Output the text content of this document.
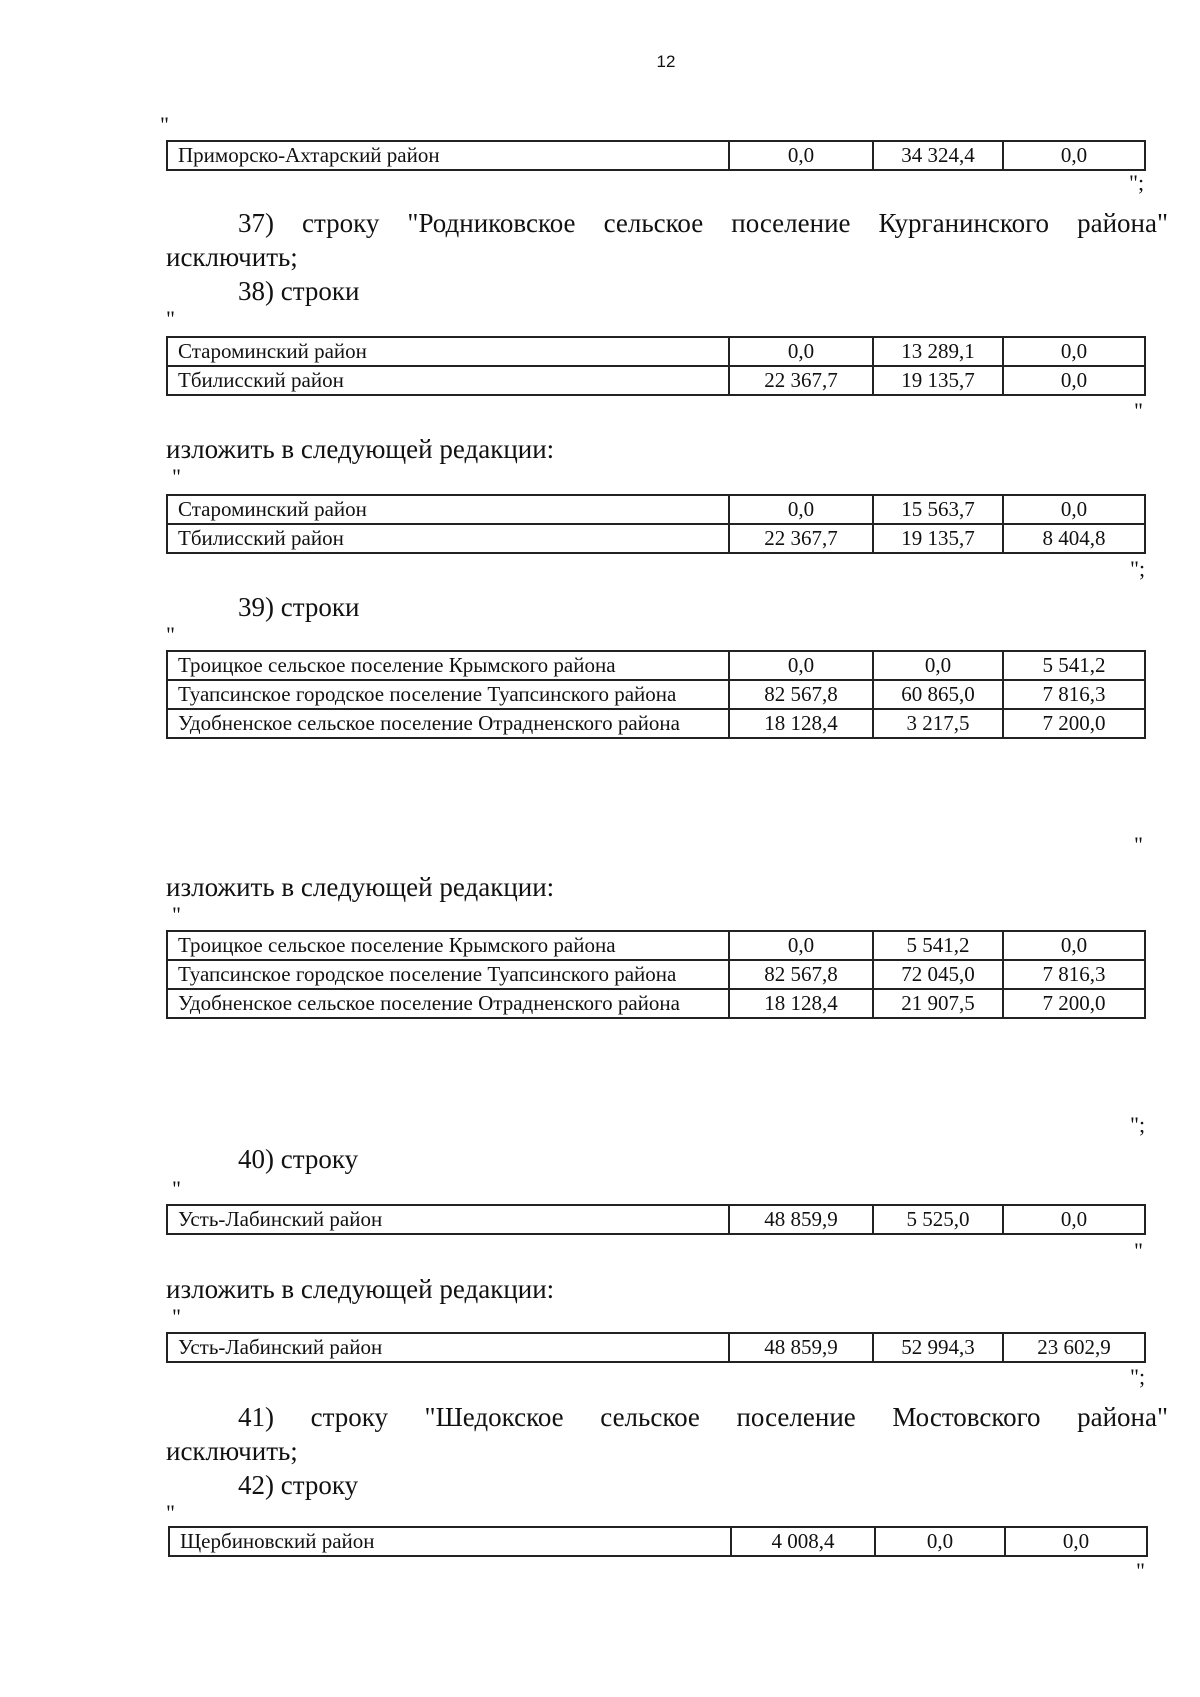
12
"
Приморско-Ахтарский район	0,0	34 324,4	0,0
";
37) строку "Родниковское сельское поселение Курганинского района"
исключить;
38) строки
"
Староминский район	0,0	13 289,1	0,0
Тбилисский район	22 367,7	19 135,7	0,0
"
изложить в следующей редакции:
"
Староминский район	0,0	15 563,7	0,0
Тбилисский район	22 367,7	19 135,7	8 404,8
";
39) строки
"
Троицкое сельское поселение Крымского района	0,0	0,0	5 541,2
Туапсинское городское поселение Туапсинского района	82 567,8	60 865,0	7 816,3
Удобненское сельское поселение Отрадненского района	18 128,4	3 217,5	7 200,0
"
изложить в следующей редакции:
"
Троицкое сельское поселение Крымского района	0,0	5 541,2	0,0
Туапсинское городское поселение Туапсинского района	82 567,8	72 045,0	7 816,3
Удобненское сельское поселение Отрадненского района	18 128,4	21 907,5	7 200,0
";
40) строку
"
Усть-Лабинский район	48 859,9	5 525,0	0,0
"
изложить в следующей редакции:
"
Усть-Лабинский район	48 859,9	52 994,3	23 602,9
";
41) строку "Шедокское сельское поселение Мостовского района"
исключить;
42) строку
"
Щербиновский район	4 008,4	0,0	0,0
"
